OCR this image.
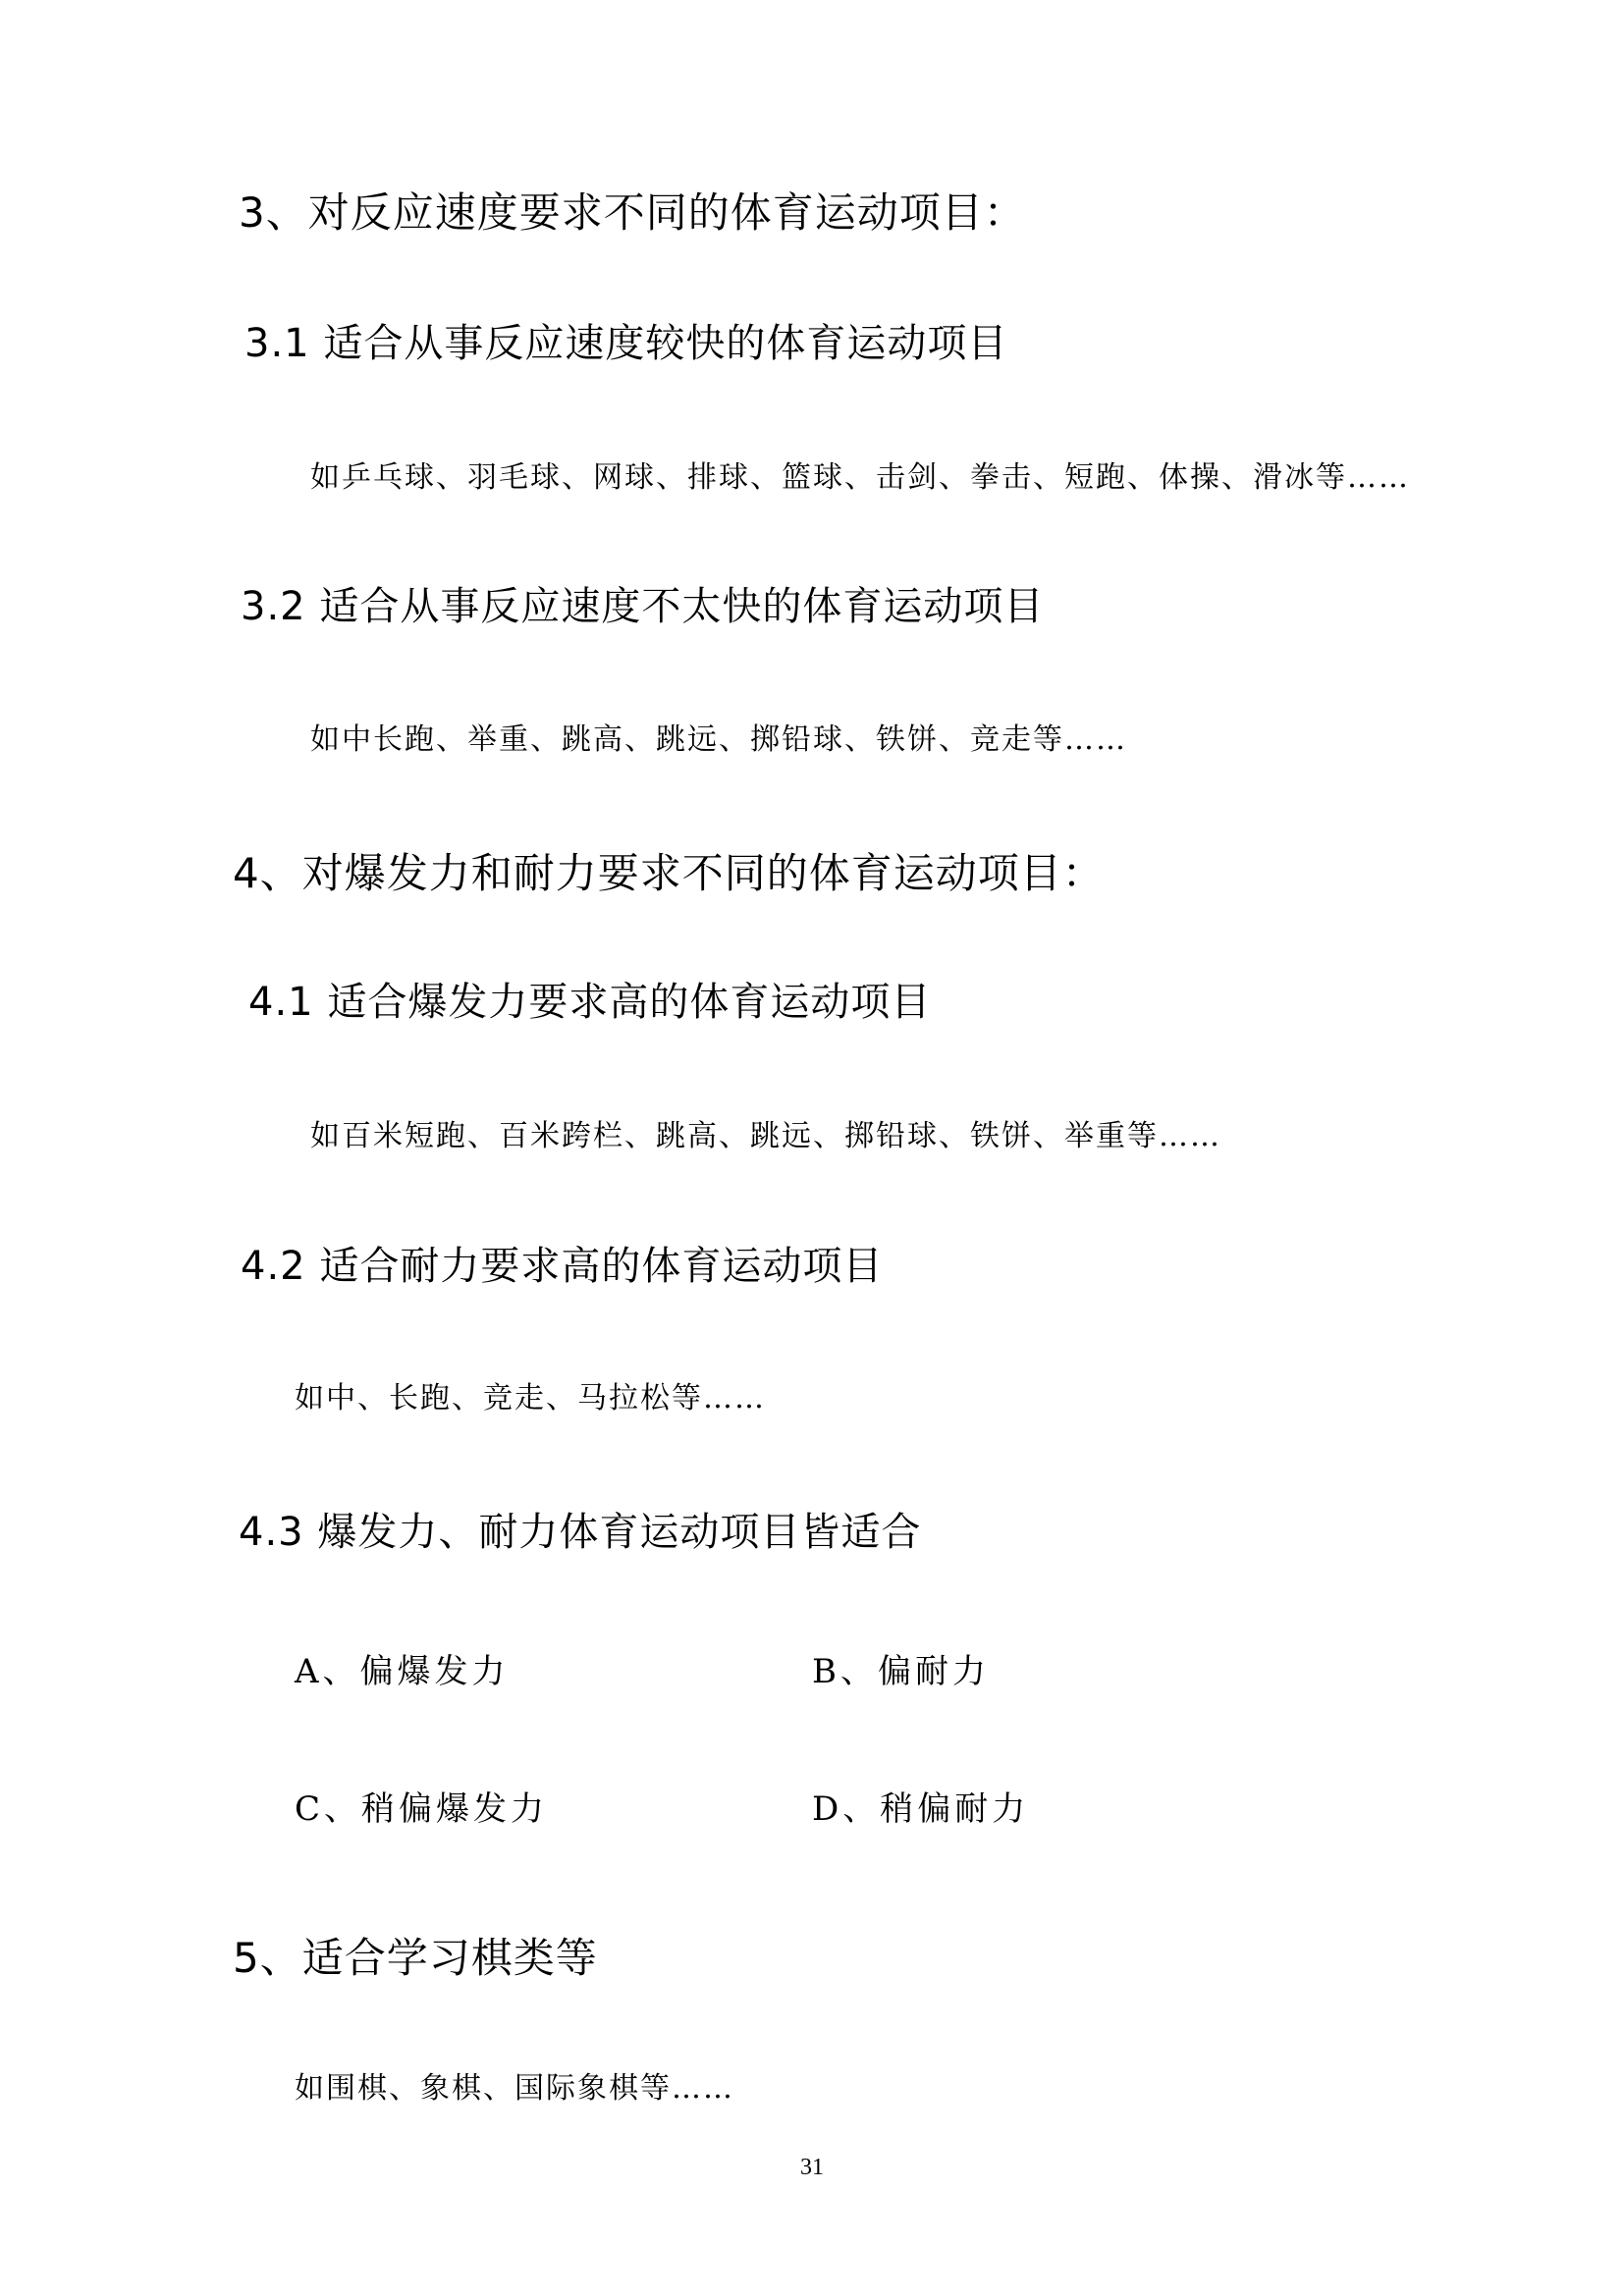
3、对反应速度要求不同的体育运动项目：
3.1 适合从事反应速度较快的体育运动项目
如乒乓球、羽毛球、网球、排球、篮球、击剑、拳击、短跑、体操、滑冰等……
3.2 适合从事反应速度不太快的体育运动项目
如中长跑、举重、跳高、跳远、掷铅球、铁饼、竞走等……
4、对爆发力和耐力要求不同的体育运动项目：
4.1 适合爆发力要求高的体育运动项目
如百米短跑、百米跨栏、跳高、跳远、掷铅球、铁饼、举重等……
4.2 适合耐力要求高的体育运动项目
如中、长跑、竞走、马拉松等……
4.3 爆发力、耐力体育运动项目皆适合
A、偏爆发力	B、偏耐力
C、稍偏爆发力	D、稍偏耐力
5、适合学习棋类等
如围棋、象棋、国际象棋等……
31
